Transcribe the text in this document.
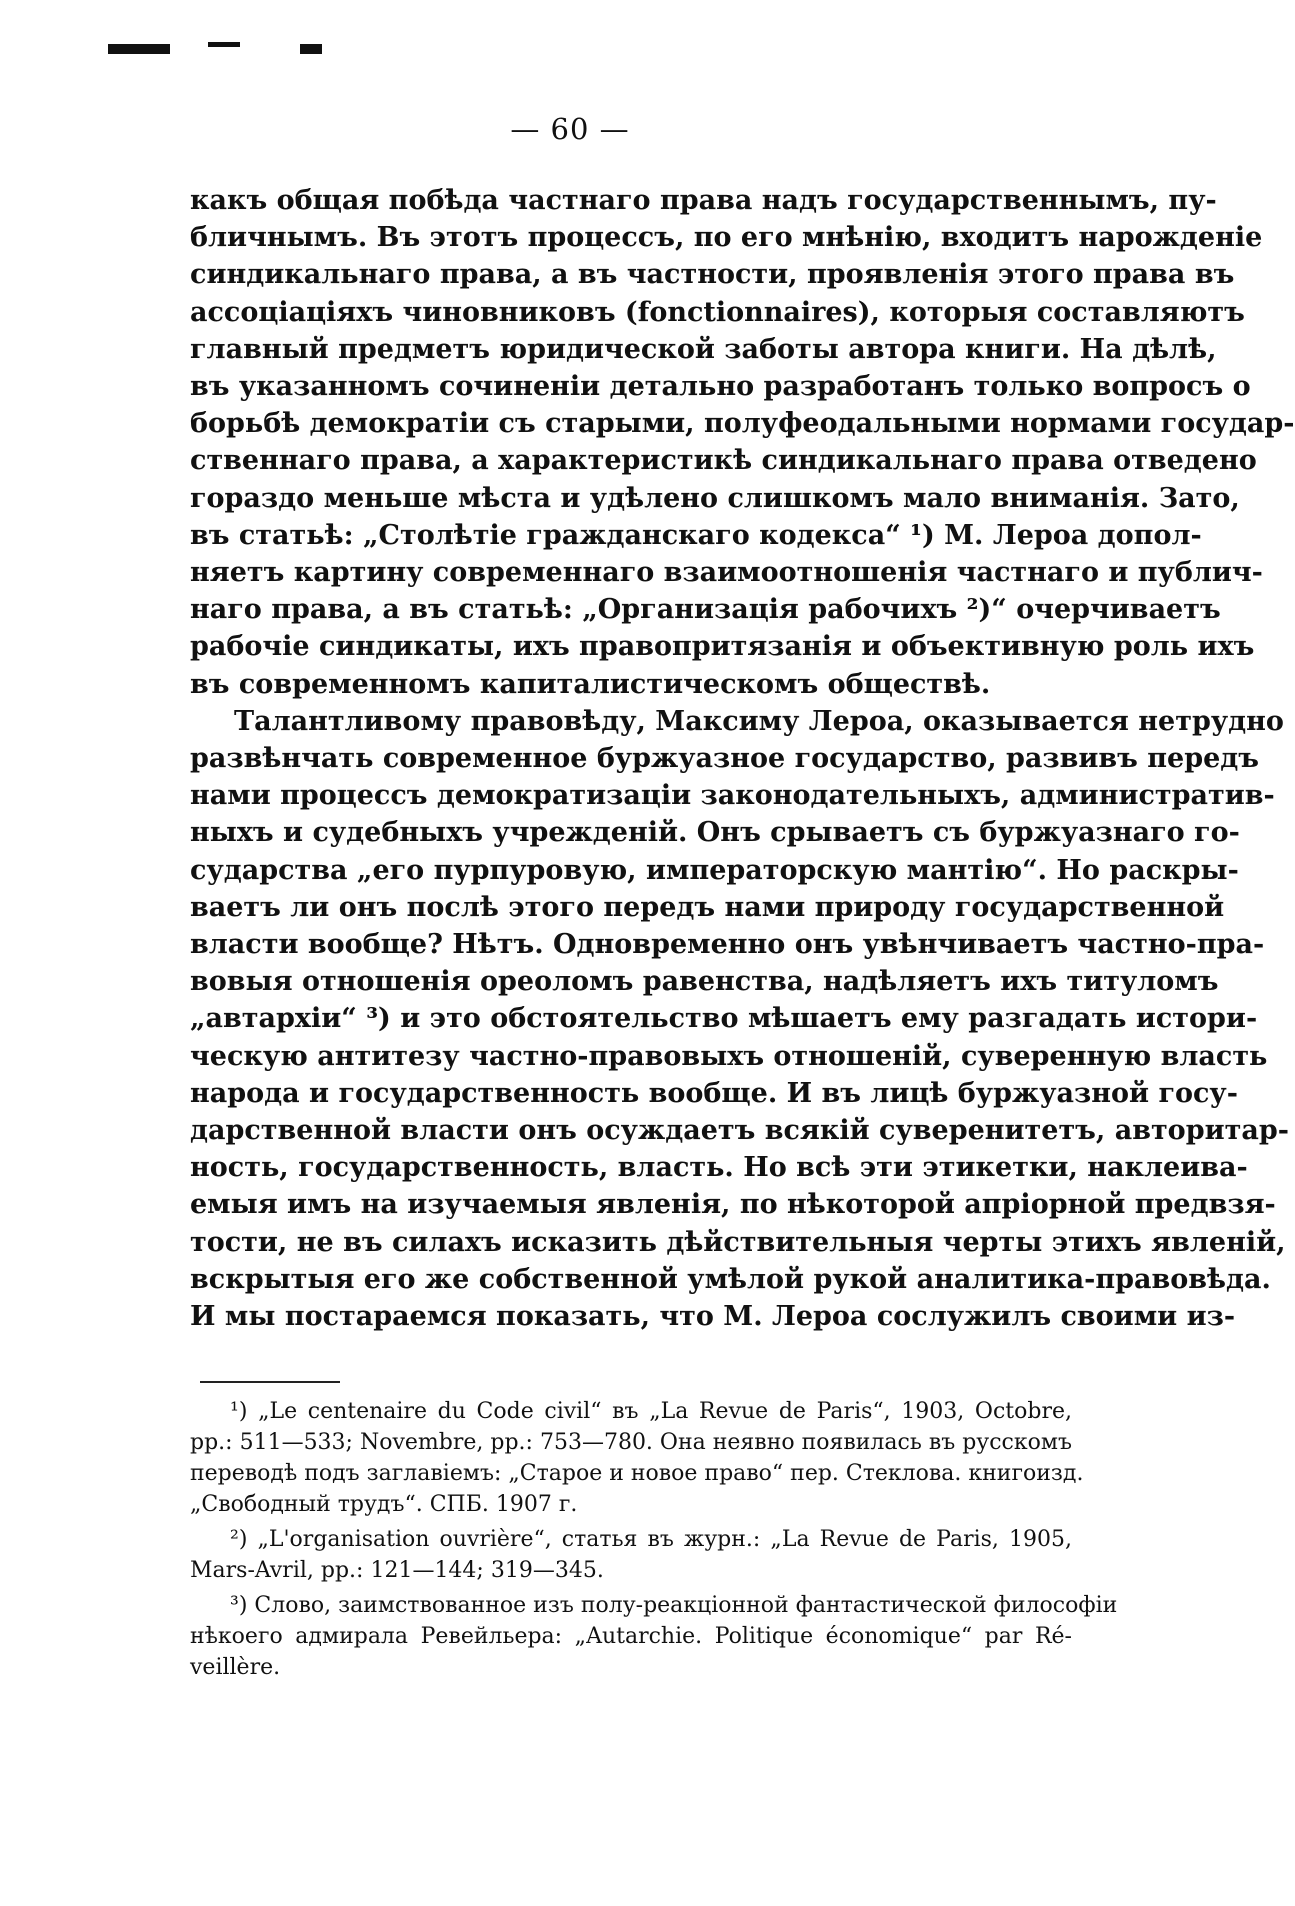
— 60 —

какъ общая побѣда частнаго права надъ государственнымъ, пу-
бличнымъ. Въ этотъ процессъ, по его мнѣнію, входитъ нарожденіе
синдикальнаго права, а въ частности, проявленія этого права въ
ассоціаціяхъ чиновниковъ (fonctionnaires), которыя составляютъ
главный предметъ юридической заботы автора книги. На дѣлѣ,
въ указанномъ сочиненіи детально разработанъ только вопросъ о
борьбѣ демократіи съ старыми, полуфеодальными нормами государ-
ственнаго права, а характеристикѣ синдикальнаго права отведено
гораздо меньше мѣста и удѣлено слишкомъ мало вниманія. Зато,
въ статьѣ: „Столѣтіе гражданскаго кодекса“ ¹) М. Лероа допол-
няетъ картину современнаго взаимоотношенія частнаго и публич-
наго права, а въ статьѣ: „Организація рабочихъ ²)“ очерчиваетъ
рабочіе синдикаты, ихъ правопритязанія и объективную роль ихъ
въ современномъ капиталистическомъ обществѣ.

Талантливому правовѣду, Максиму Лероа, оказывается нетрудно
развѣнчать современное буржуазное государство, развивъ передъ
нами процессъ демократизаціи законодательныхъ, административ-
ныхъ и судебныхъ учрежденій. Онъ срываетъ съ буржуазнаго го-
сударства „его пурпуровую, императорскую мантію“. Но раскры-
ваетъ ли онъ послѣ этого передъ нами природу государственной
власти вообще? Нѣтъ. Одновременно онъ увѣнчиваетъ частно-пра-
вовыя отношенія ореоломъ равенства, надѣляетъ ихъ титуломъ
„автархіи“ ³) и это обстоятельство мѣшаетъ ему разгадать истори-
ческую антитезу частно-правовыхъ отношеній, суверенную власть
народа и государственность вообще. И въ лицѣ буржуазной госу-
дарственной власти онъ осуждаетъ всякій суверенитетъ, авторитар-
ность, государственность, власть. Но всѣ эти этикетки, наклеива-
емыя имъ на изучаемыя явленія, по нѣкоторой апріорной предвзя-
тости, не въ силахъ исказить дѣйствительныя черты этихъ явленій,
вскрытыя его же собственной умѣлой рукой аналитика-правовѣда.
И мы постараемся показать, что М. Лероа сослужилъ своими из-

¹) „Le centenaire du Code civil“ въ „La Revue de Paris“, 1903, Octobre,
pp.: 511—533; Novembre, pp.: 753—780. Она неявно появилась въ русскомъ
переводѣ подъ заглавіемъ: „Старое и новое право“ пер. Стеклова. книгоизд.
„Свободный трудъ“. СПБ. 1907 г.
²) „L'organisation ouvrière“, статья въ журн.: „La Revue de Paris, 1905,
Mars-Avril, pp.: 121—144; 319—345.
³) Слово, заимствованное изъ полу-реакціонной фантастической философіи
нѣкоего адмирала Ревейльера: „Autarchie. Politique économique“ par Ré-
veillère.
